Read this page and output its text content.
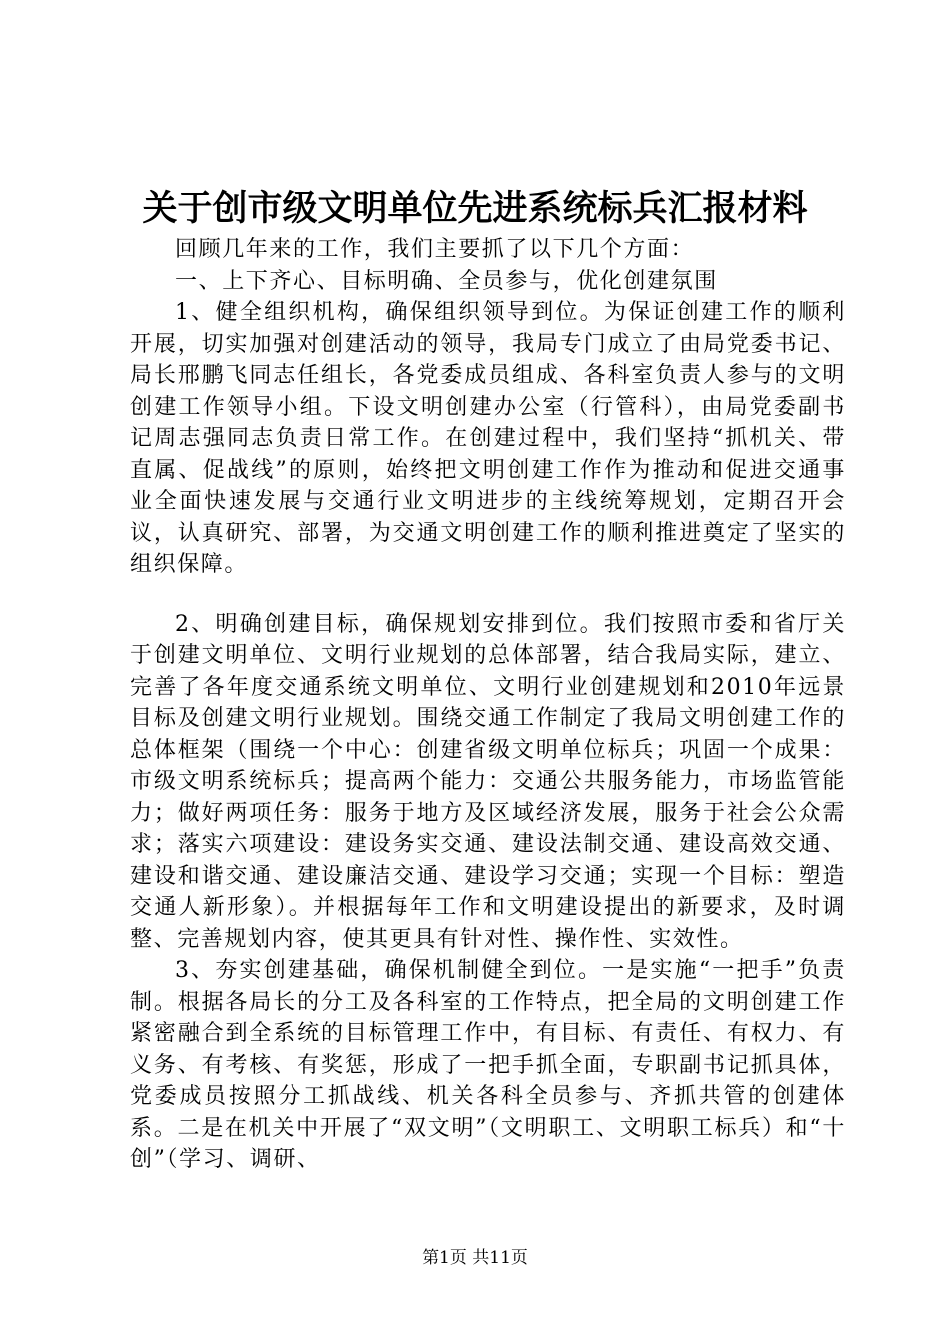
关于创市级文明单位先进系统标兵汇报材料

回顾几年来的工作，我们主要抓了以下几个方面：

一、上下齐心、目标明确、全员参与，优化创建氛围

1、健全组织机构，确保组织领导到位。为保证创建工作的顺利开展，切实加强对创建活动的领导，我局专门成立了由局党委书记、局长邢鹏飞同志任组长，各党委成员组成、各科室负责人参与的文明创建工作领导小组。下设文明创建办公室（行管科），由局党委副书记周志强同志负责日常工作。在创建过程中，我们坚持“抓机关、带直属、促战线”的原则，始终把文明创建工作作为推动和促进交通事业全面快速发展与交通行业文明进步的主线统筹规划，定期召开会议，认真研究、部署，为交通文明创建工作的顺利推进奠定了坚实的组织保障。

2、明确创建目标，确保规划安排到位。我们按照市委和省厅关于创建文明单位、文明行业规划的总体部署，结合我局实际，建立、完善了各年度交通系统文明单位、文明行业创建规划和2010年远景目标及创建文明行业规划。围绕交通工作制定了我局文明创建工作的总体框架（围绕一个中心：创建省级文明单位标兵；巩固一个成果：市级文明系统标兵；提高两个能力：交通公共服务能力，市场监管能力；做好两项任务：服务于地方及区域经济发展，服务于社会公众需求；落实六项建设：建设务实交通、建设法制交通、建设高效交通、建设和谐交通、建设廉洁交通、建设学习交通；实现一个目标：塑造交通人新形象）。并根据每年工作和文明建设提出的新要求，及时调整、完善规划内容，使其更具有针对性、操作性、实效性。

3、夯实创建基础，确保机制健全到位。一是实施“一把手”负责制。根据各局长的分工及各科室的工作特点，把全局的文明创建工作紧密融合到全系统的目标管理工作中，有目标、有责任、有权力、有义务、有考核、有奖惩，形成了一把手抓全面，专职副书记抓具体，党委成员按照分工抓战线、机关各科全员参与、齐抓共管的创建体系。二是在机关中开展了“双文明”（文明职工、文明职工标兵）和“十创”（学习、调研、

第1页 共11页
